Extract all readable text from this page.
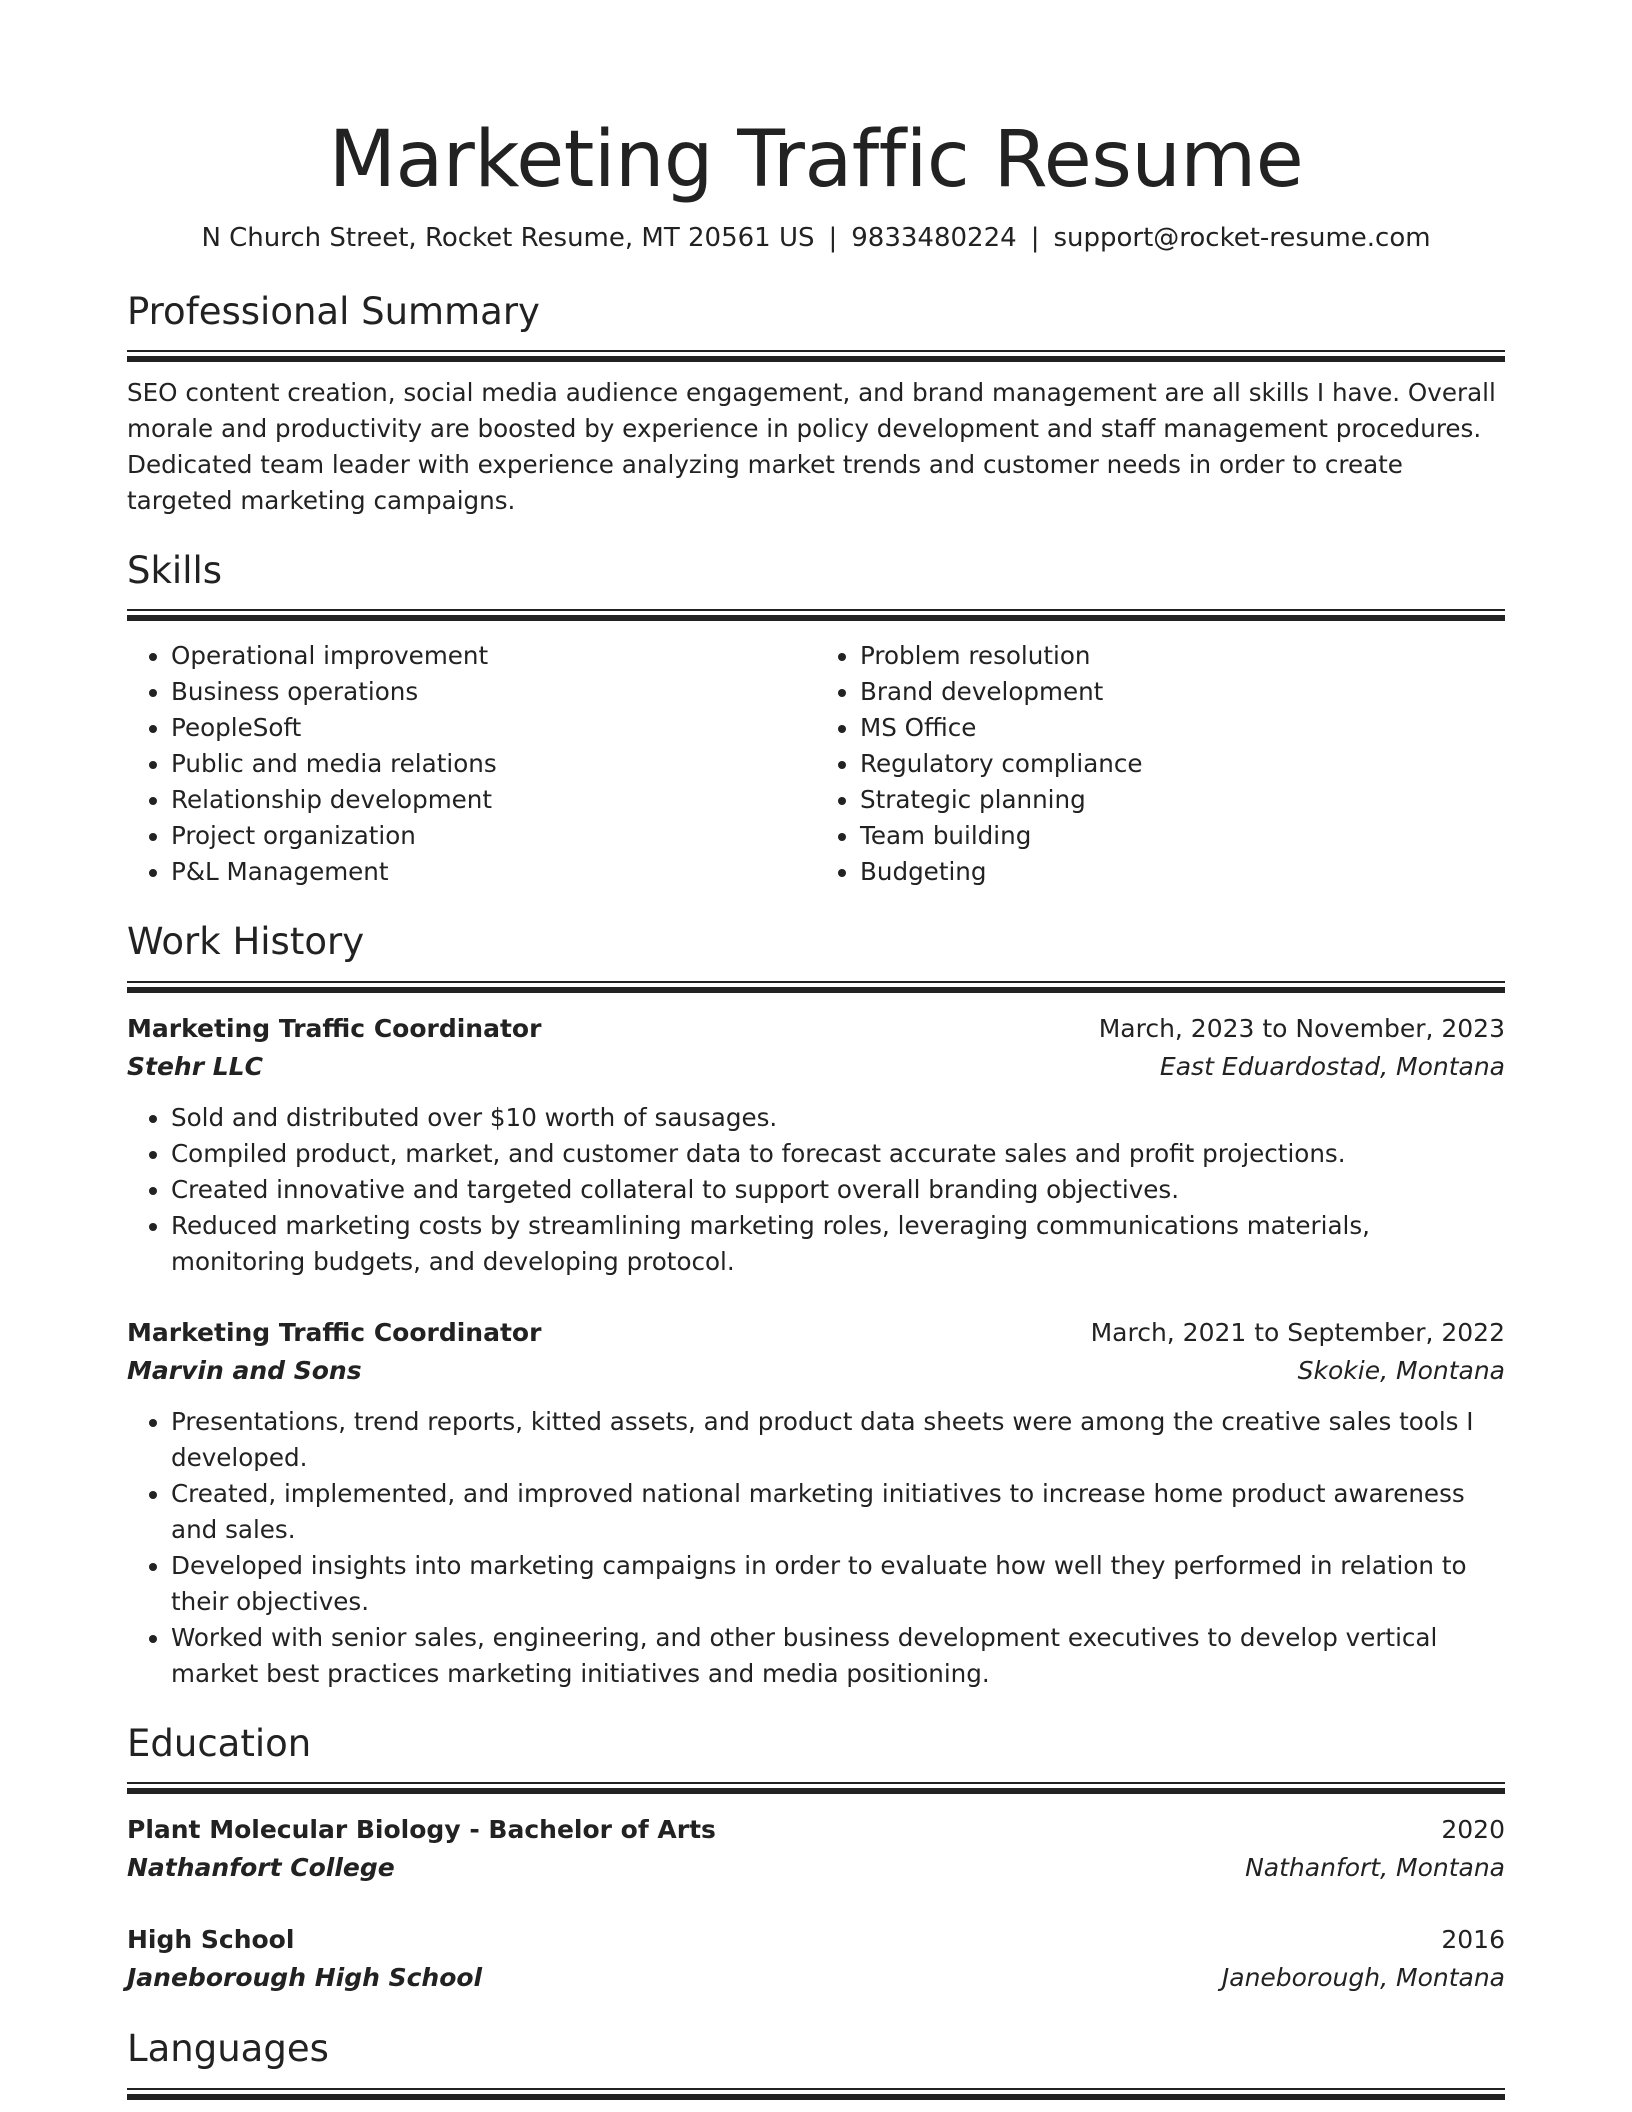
Marketing Traffic Resume
N Church Street, Rocket Resume, MT 20561 US | 9833480224 | support@rocket-resume.com
Professional Summary

SEO content creation, social media audience engagement, and brand management are all skills I have. Overall morale and productivity are boosted by experience in policy development and staff management procedures. Dedicated team leader with experience analyzing market trends and customer needs in order to create targeted marketing campaigns.

Skills
• Operational improvement
• Business operations
• PeopleSoft
• Public and media relations
• Relationship development
• Project organization
• P&L Management
• Problem resolution
• Brand development
• MS Office
• Regulatory compliance
• Strategic planning
• Team building
• Budgeting
Work History
Marketing Traffic Coordinator	March, 2023 to November, 2023
Stehr LLC	East Eduardostad, Montana
• Sold and distributed over $10 worth of sausages.
• Compiled product, market, and customer data to forecast accurate sales and profit projections.
• Created innovative and targeted collateral to support overall branding objectives.
• Reduced marketing costs by streamlining marketing roles, leveraging communications materials, monitoring budgets, and developing protocol.
Marketing Traffic Coordinator	March, 2021 to September, 2022
Marvin and Sons	Skokie, Montana
• Presentations, trend reports, kitted assets, and product data sheets were among the creative sales tools I developed.
• Created, implemented, and improved national marketing initiatives to increase home product awareness and sales.
• Developed insights into marketing campaigns in order to evaluate how well they performed in relation to their objectives.
• Worked with senior sales, engineering, and other business development executives to develop vertical market best practices marketing initiatives and media positioning.
Education
Plant Molecular Biology - Bachelor of Arts	2020
Nathanfort College	Nathanfort, Montana
High School	2016
Janeborough High School	Janeborough, Montana
Languages
